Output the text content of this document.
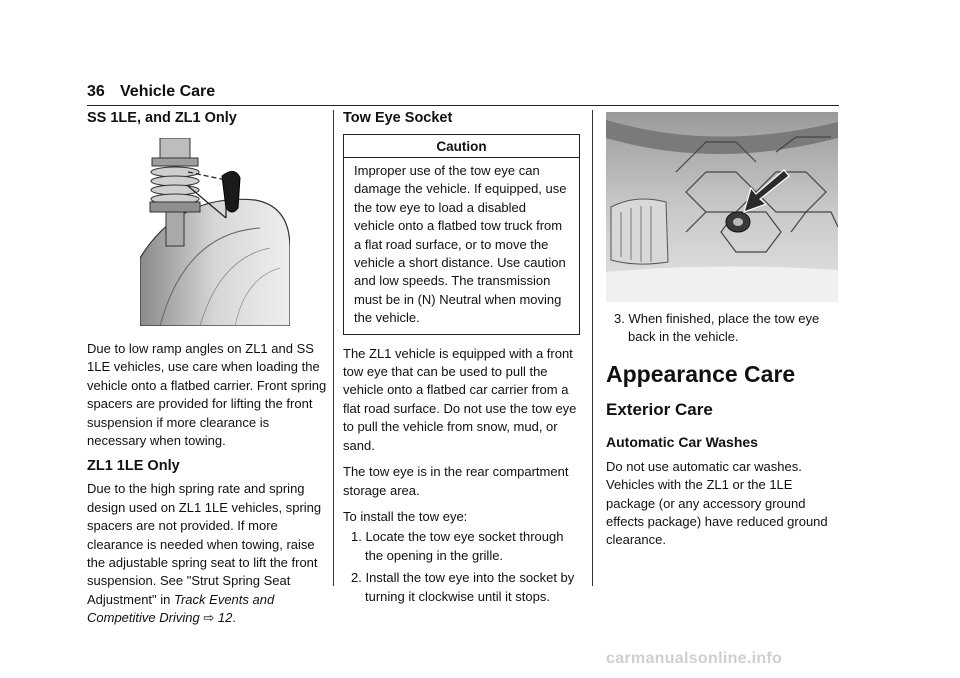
36 Vehicle Care
SS 1LE, and ZL1 Only

Due to low ramp angles on ZL1 and SS 1LE vehicles, use care when loading the vehicle onto a flatbed carrier. Front spring spacers are provided for lifting the front suspension if more clearance is necessary when towing.

ZL1 1LE Only

Due to the high spring rate and spring design used on ZL1 1LE vehicles, spring spacers are not provided. If more clearance is needed when towing, raise the adjustable spring seat to lift the front suspension. See "Strut Spring Seat Adjustment" in Track Events and Competitive Driving ⇨ 12.

Tow Eye Socket
Caution

Improper use of the tow eye can damage the vehicle. If equipped, use the tow eye to load a disabled vehicle onto a flatbed tow truck from a flat road surface, or to move the vehicle a short distance. Use caution and low speeds. The transmission must be in (N) Neutral when moving the vehicle.

The ZL1 vehicle is equipped with a front tow eye that can be used to pull the vehicle onto a flatbed car carrier from a flat road surface. Do not use the tow eye to pull the vehicle from snow, mud, or sand.

The tow eye is in the rear compartment storage area.

To install the tow eye:

1. Locate the tow eye socket through the opening in the grille.
2. Install the tow eye into the socket by turning it clockwise until it stops.
3. When finished, place the tow eye back in the vehicle.
Appearance Care
Exterior Care
Automatic Car Washes

Do not use automatic car washes. Vehicles with the ZL1 or the 1LE package (or any accessory ground effects package) have reduced ground clearance.

carmanualsonline.info
